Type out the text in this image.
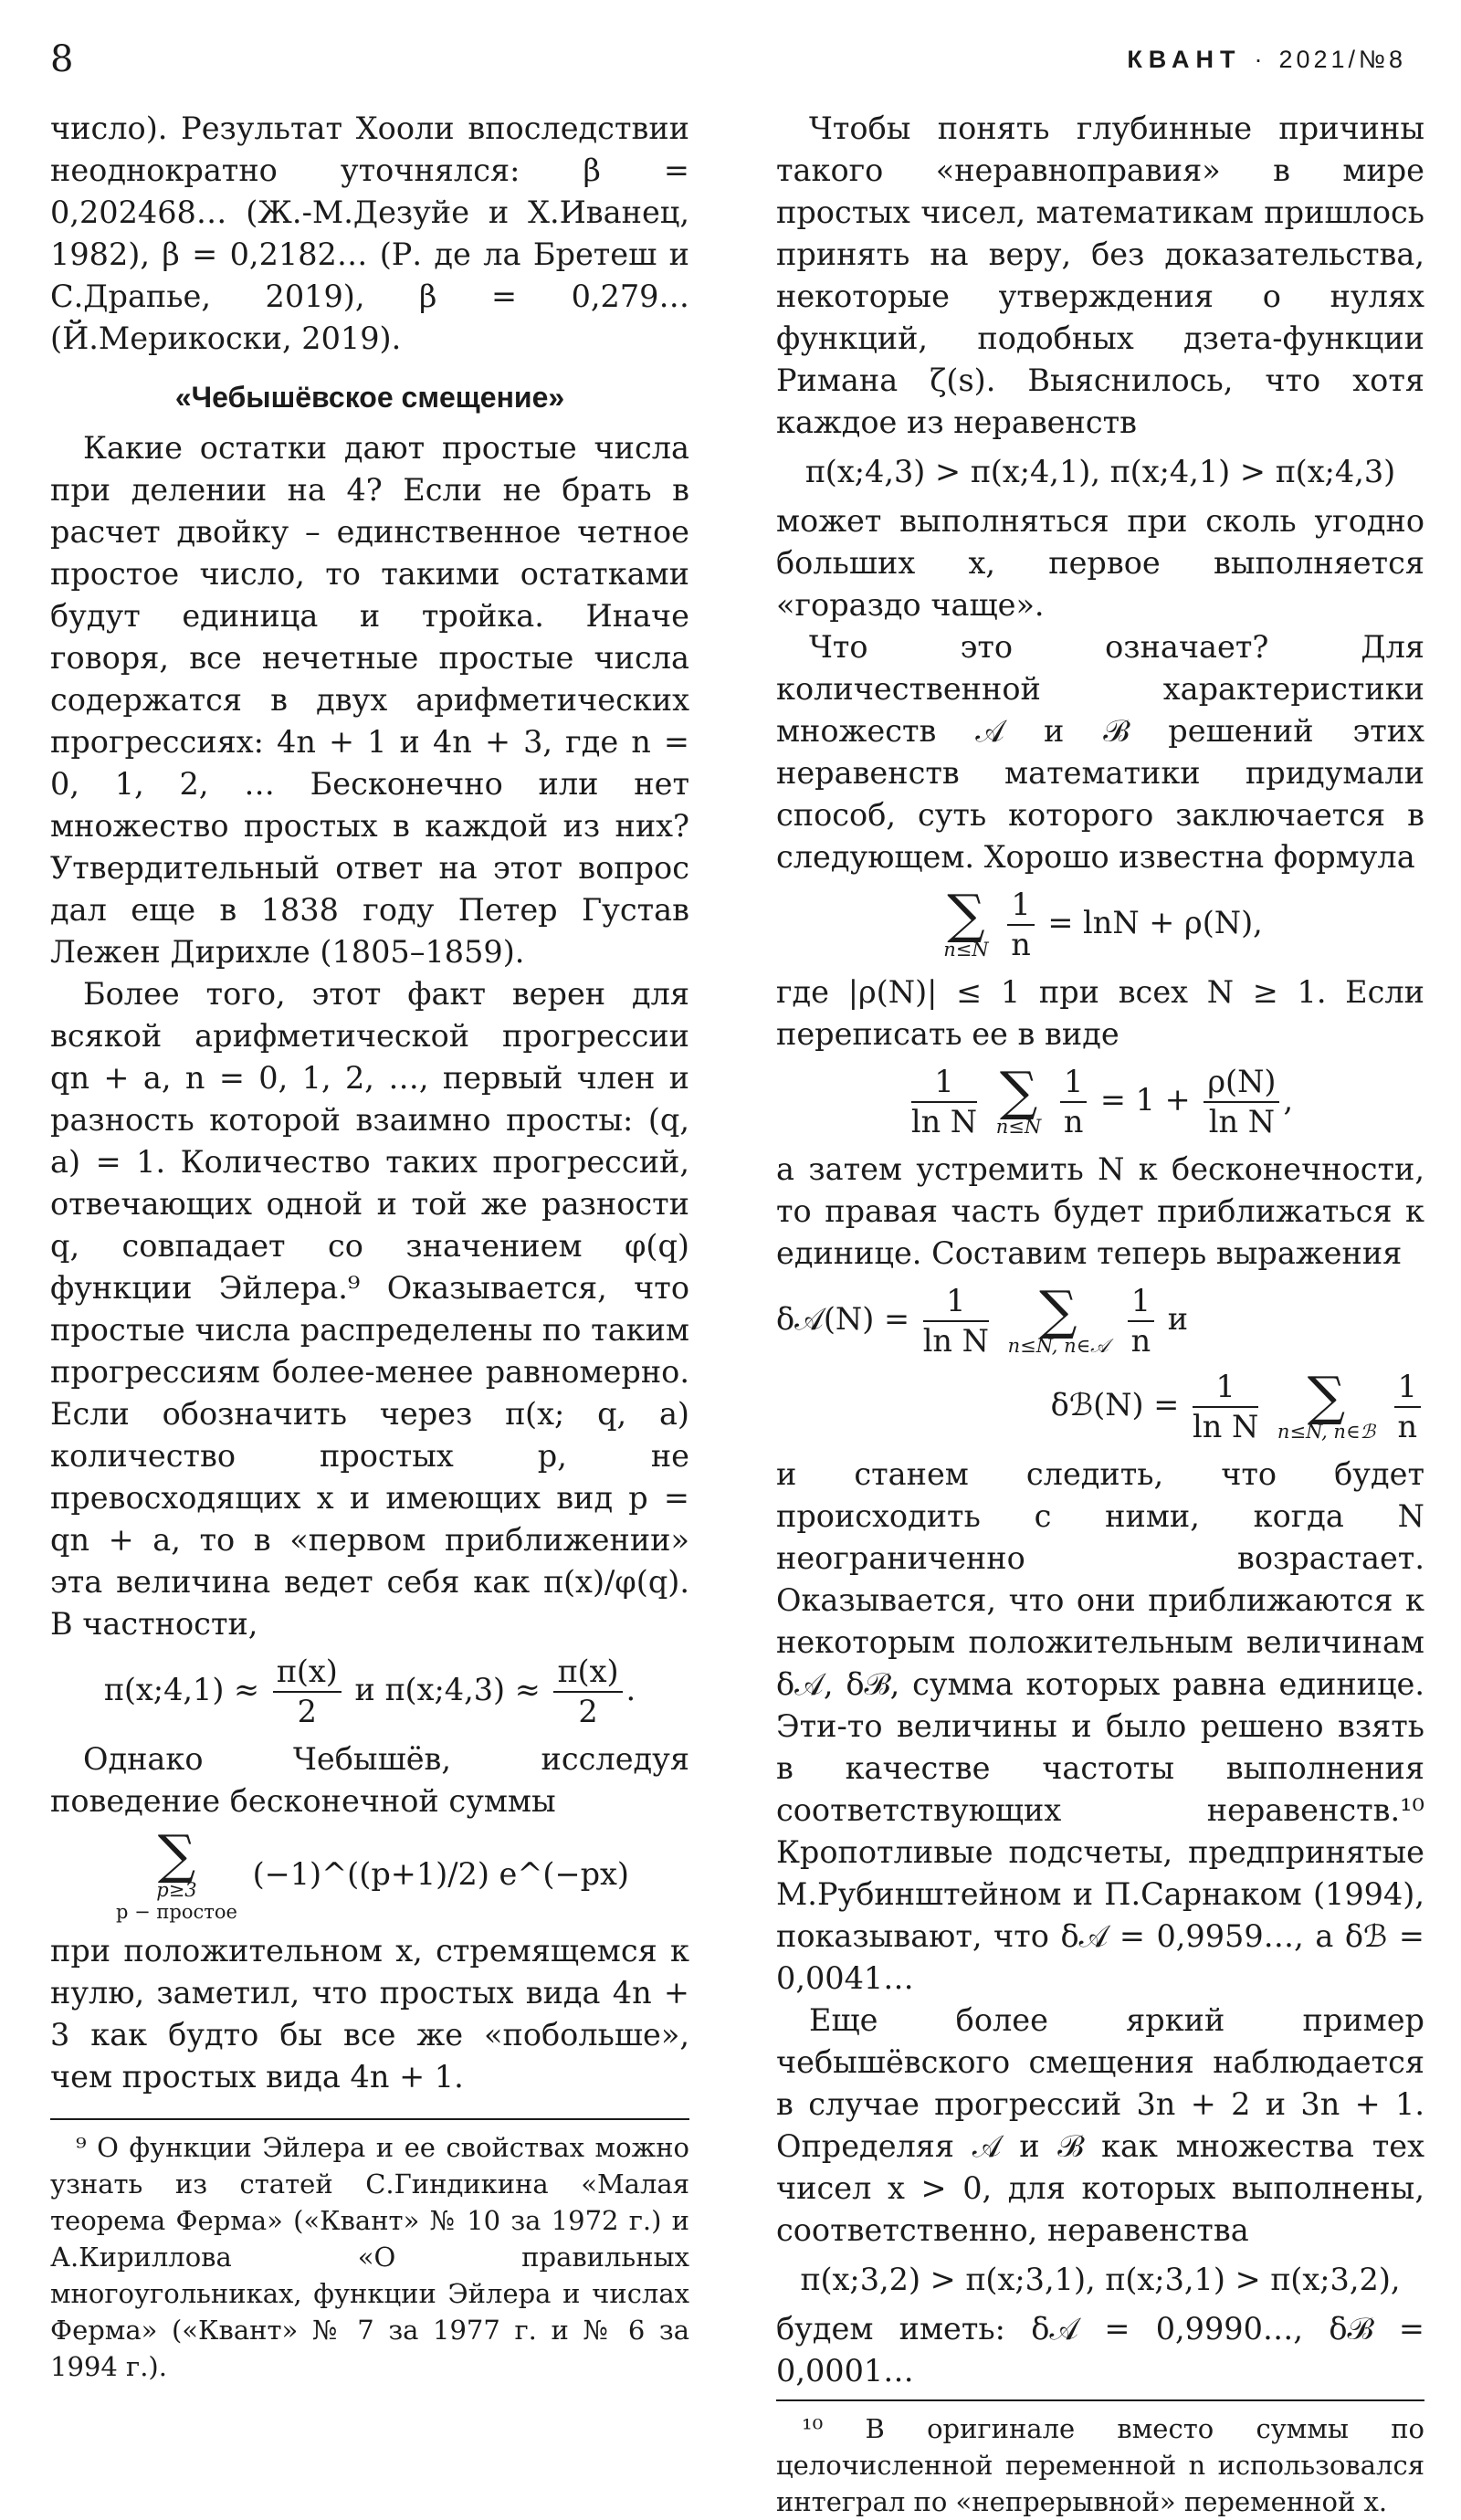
8	КВАНТ · 2021/№8

число). Результат Хооли впоследствии неоднократно уточнялся: β = 0,202468… (Ж.-М.Дезуйе и Х.Иванец, 1982), β = 0,2182… (Р. де ла Бретеш и С.Драпье, 2019), β = 0,279… (Й.Мерикоски, 2019).

«Чебышёвское смещение»

Какие остатки дают простые числа при делении на 4? Если не брать в расчет двойку – единственное четное простое число, то такими остатками будут единица и тройка. Иначе говоря, все нечетные простые числа содержатся в двух арифметических прогрессиях: 4n + 1 и 4n + 3, где n = 0, 1, 2, … Бесконечно или нет множество простых в каждой из них? Утвердительный ответ на этот вопрос дал еще в 1838 году Петер Густав Лежен Дирихле (1805–1859).

Более того, этот факт верен для всякой арифметической прогрессии qn + a, n = 0, 1, 2, …, первый член и разность которой взаимно просты: (q, a) = 1. Количество таких прогрессий, отвечающих одной и той же разности q, совпадает со значением φ(q) функции Эйлера.⁹ Оказывается, что простые числа распределены по таким прогрессиям более-менее равномерно. Если обозначить через π(x; q, a) количество простых p, не превосходящих x и имеющих вид p = qn + a, то в «первом приближении» эта величина ведет себя как π(x)/φ(q). В частности,

π(x;4,1) ≈ $\frac{\pi(x)}{2}$ и π(x;4,3) ≈ $\frac{\pi(x)}{2}$ .

Однако Чебышёв, исследуя поведение бесконечной суммы

∑
p≥3
p − простое
(−1)^((p+1)/2) e^(−px)

при положительном x, стремящемся к нулю, заметил, что простых вида 4n + 3 как будто бы все же «побольше», чем простых вида 4n + 1.

⁹ О функции Эйлера и ее свойствах можно узнать из статей С.Гиндикина «Малая теорема Ферма» («Квант» № 10 за 1972 г.) и А.Кириллова «О правильных многоугольниках, функции Эйлера и числах Ферма» («Квант» № 7 за 1977 г. и № 6 за 1994 г.).

Чтобы понять глубинные причины такого «неравноправия» в мире простых чисел, математикам пришлось принять на веру, без доказательства, некоторые утверждения о нулях функций, подобных дзета-функции Римана ζ(s). Выяснилось, что хотя каждое из неравенств

π(x;4,3) > π(x;4,1), π(x;4,1) > π(x;4,3)

может выполняться при сколь угодно больших x, первое выполняется «гораздо чаще».

Что это означает? Для количественной характеристики множеств 𝒜 и ℬ решений этих неравенств математики придумали способ, суть которого заключается в следующем. Хорошо известна формула

∑
n≤N
$\frac{1}{n} = \ln N + \rho(N)$,

где |ρ(N)| ≤ 1 при всех N ≥ 1. Если переписать ее в виде

$\frac{1}{\text{ln N}}$
∑
n≤N
$\frac{1}{n} = 1 + \frac{\rho(N)}{\text{ln N}}$ ,

а затем устремить N к бесконечности, то правая часть будет приближаться к единице. Составим теперь выражения

δ𝒜(N) = $\frac{1}{\text{ln N}}$
∑
n≤N, n∈𝒜
$\frac{1}{n}$ и
δℬ(N) = $\frac{1}{\text{ln N}}$
∑
n≤N, n∈ℬ
$\frac{1}{n}$

и станем следить, что будет происходить с ними, когда N неограниченно возрастает. Оказывается, что они приближаются к некоторым положительным величинам δ𝒜, δℬ, сумма которых равна единице. Эти-то величины и было решено взять в качестве частоты выполнения соответствующих неравенств.¹⁰ Кропотливые подсчеты, предпринятые М.Рубинштейном и П.Сарнаком (1994), показывают, что δ𝒜 = 0,9959…, а δℬ = 0,0041…

Еще более яркий пример чебышёвского смещения наблюдается в случае прогрессий 3n + 2 и 3n + 1. Определяя 𝒜 и ℬ как множества тех чисел x > 0, для которых выполнены, соответственно, неравенства

π(x;3,2) > π(x;3,1), π(x;3,1) > π(x;3,2),

будем иметь: δ𝒜 = 0,9990…, δℬ = 0,0001…

¹⁰ В оригинале вместо суммы по целочисленной переменной n использовался интеграл по «непрерывной» переменной x.
